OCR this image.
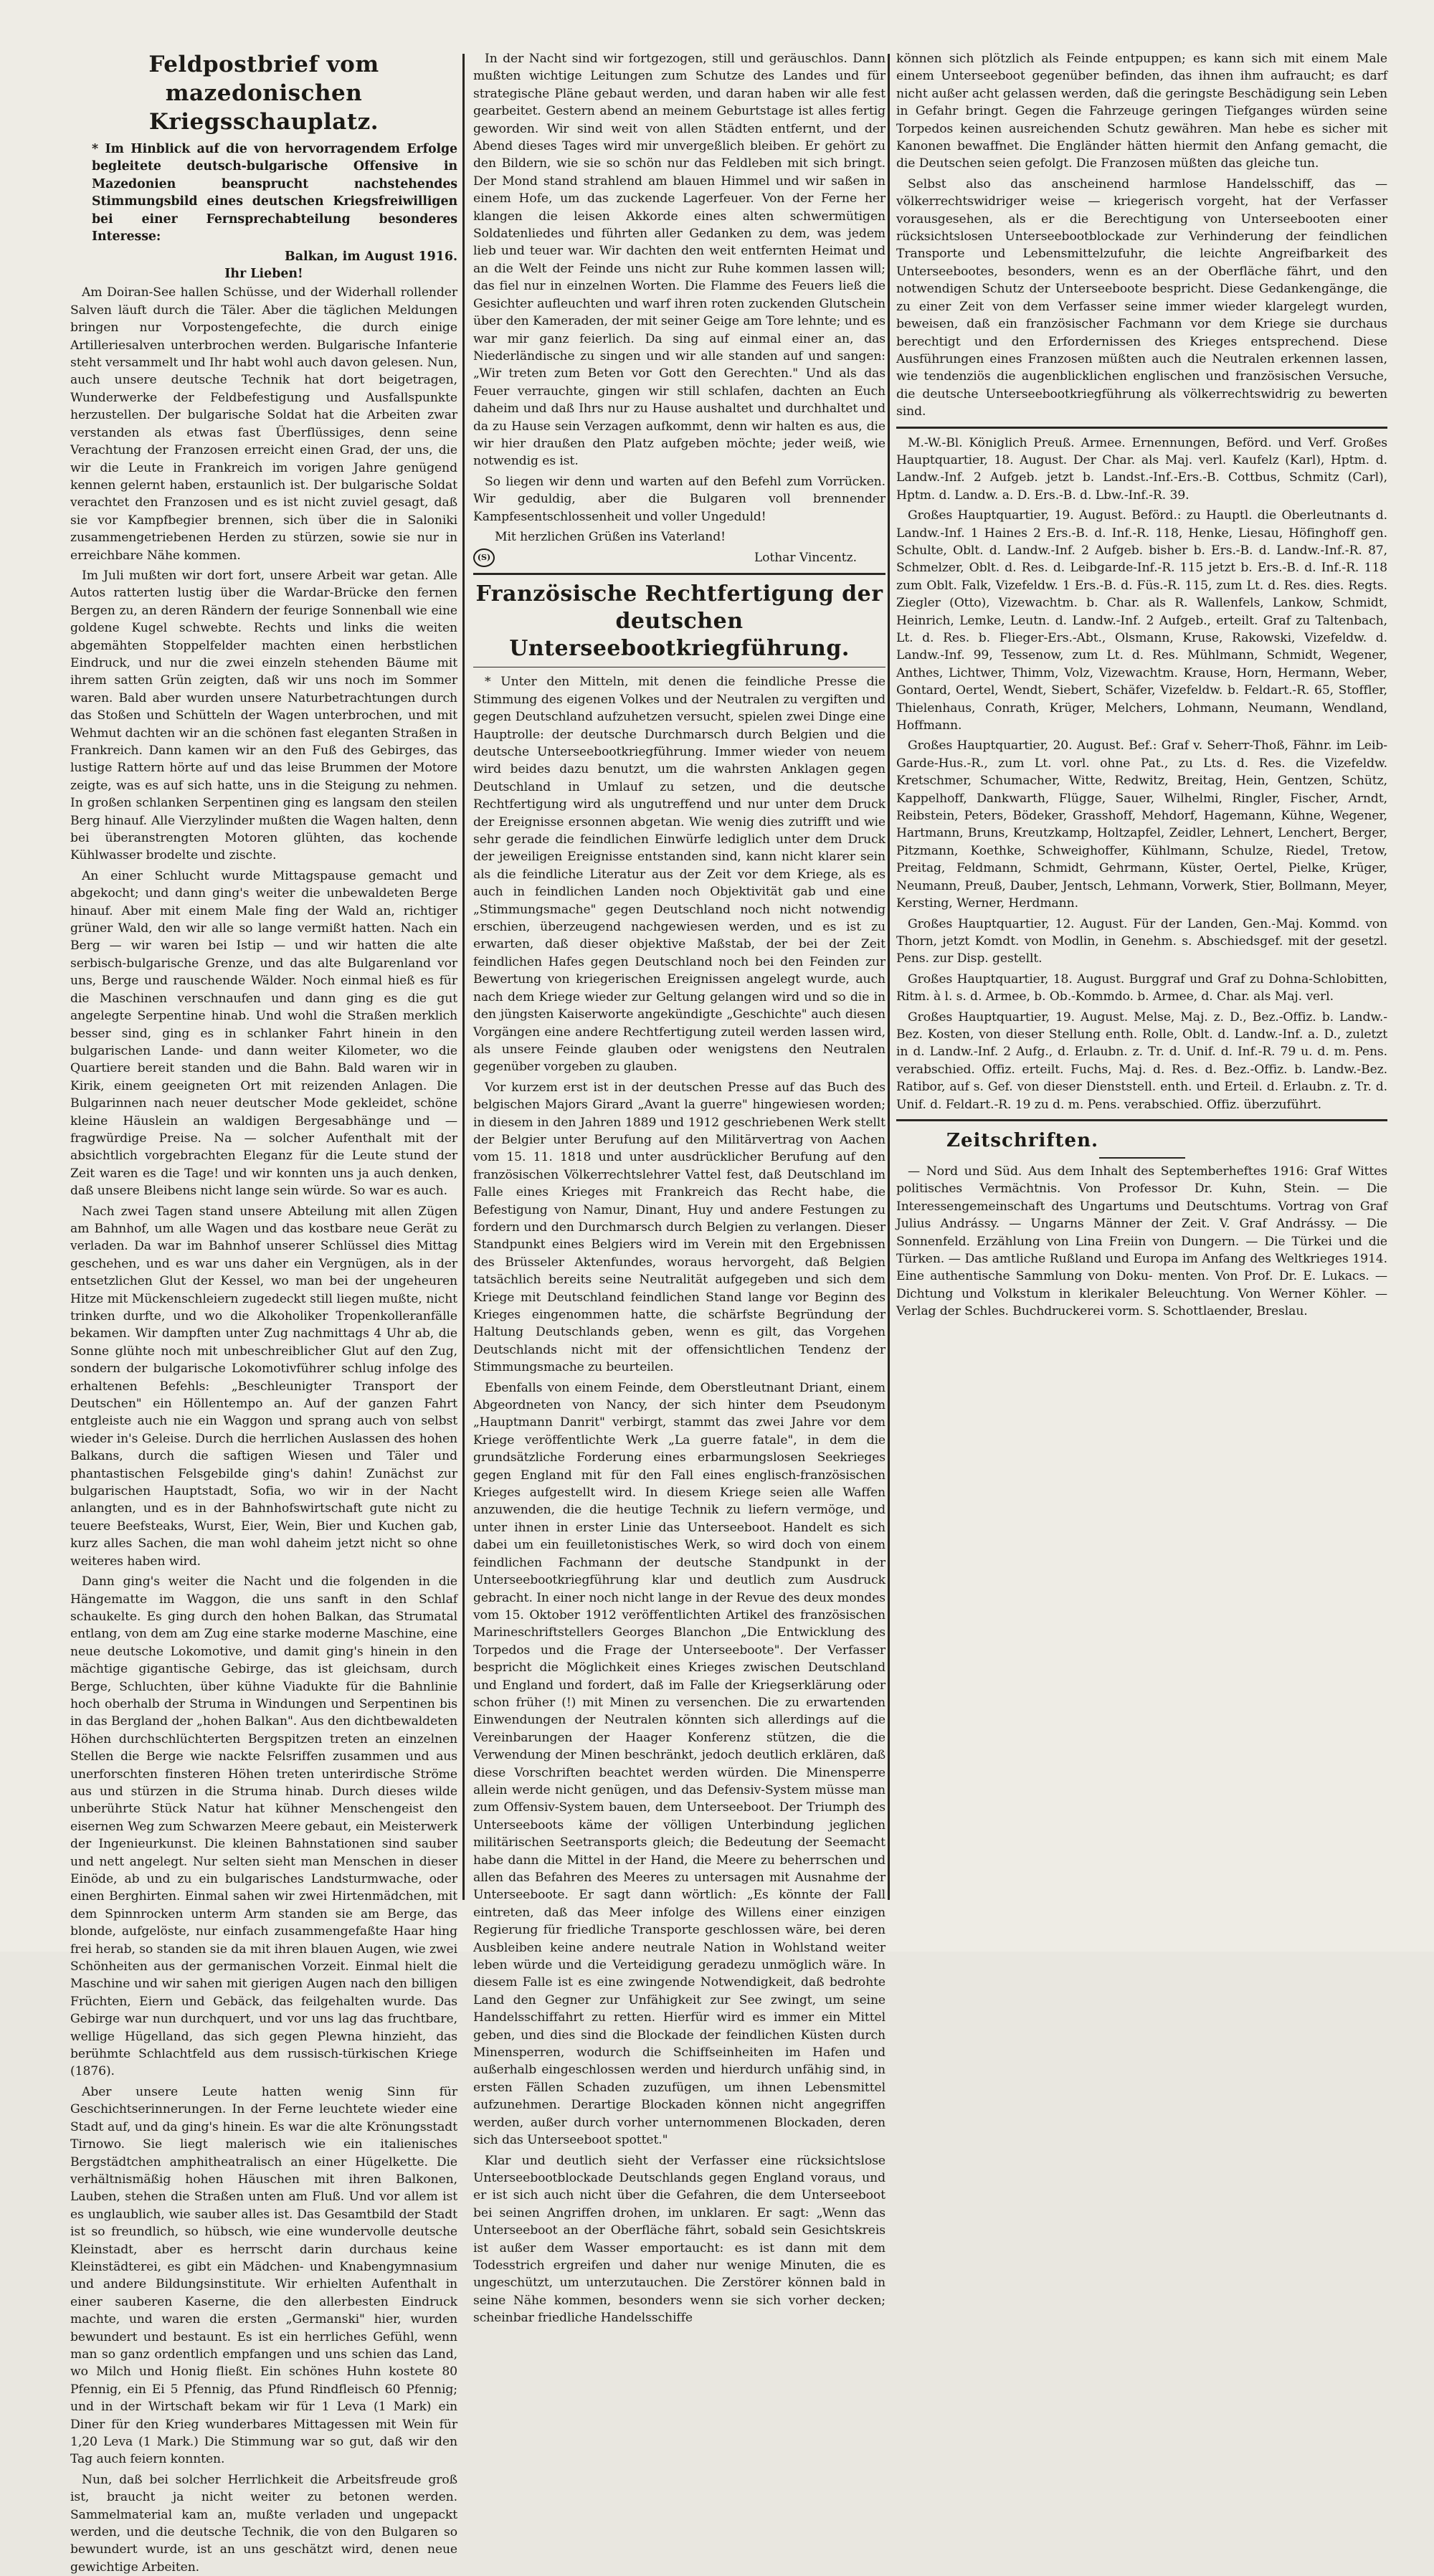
Feldpostbrief vom mazedonischen Kriegsschauplatz.

* Im Hinblick auf die von hervorragendem Erfolge begleitete deutsch-bulgarische Offensive in Mazedonien beansprucht nachstehendes Stimmungsbild eines deutschen Kriegsfreiwilligen bei einer Fernsprechabteilung besonderes Interesse:

Balkan, im August 1916.
Ihr Lieben!

Am Doiran-See hallen Schüsse, und der Widerhall rollender Salven läuft durch die Täler. Aber die täglichen Meldungen bringen nur Vorpostengefechte, die durch einige Artilleriesalven unterbrochen werden. Bulgarische Infanterie steht versammelt und Ihr habt wohl auch davon gelesen. Nun, auch unsere deutsche Technik hat dort beigetragen, Wunderwerke der Feldbefestigung und Ausfallspunkte herzustellen. Der bulgarische Soldat hat die Arbeiten zwar verstanden als etwas fast Überflüssiges, denn seine Verachtung der Franzosen erreicht einen Grad, der uns, die wir die Leute in Frankreich im vorigen Jahre genügend kennen gelernt haben, erstaunlich ist. Der bulgarische Soldat verachtet den Franzosen und es ist nicht zuviel gesagt, daß sie vor Kampfbegier brennen, sich über die in Saloniki zusammengetriebenen Herden zu stürzen, sowie sie nur in erreichbare Nähe kommen.

Im Juli mußten wir dort fort, unsere Arbeit war getan. Alle Autos ratterten lustig über die Wardar-Brücke den fernen Bergen zu, an deren Rändern der feurige Sonnenball wie eine goldene Kugel schwebte. Rechts und links die weiten abgemähten Stoppelfelder machten einen herbstlichen Eindruck, und nur die zwei einzeln stehenden Bäume mit ihrem satten Grün zeigten, daß wir uns noch im Sommer waren. Bald aber wurden unsere Naturbetrachtungen durch das Stoßen und Schütteln der Wagen unterbrochen, und mit Wehmut dachten wir an die schönen fast eleganten Straßen in Frankreich. Dann kamen wir an den Fuß des Gebirges, das lustige Rattern hörte auf und das leise Brummen der Motore zeigte, was es auf sich hatte, uns in die Steigung zu nehmen. In großen schlanken Serpentinen ging es langsam den steilen Berg hinauf. Alle Vierzylinder mußten die Wagen halten, denn bei überanstrengten Motoren glühten, das kochende Kühlwasser brodelte und zischte.

An einer Schlucht wurde Mittagspause gemacht und abgekocht; und dann ging's weiter die unbewaldeten Berge hinauf. Aber mit einem Male fing der Wald an, richtiger grüner Wald, den wir alle so lange vermißt hatten. Nach ein Berg — wir waren bei Istip — und wir hatten die alte serbisch-bulgarische Grenze, und das alte Bulgarenland vor uns, Berge und rauschende Wälder. Noch einmal hieß es für die Maschinen verschnaufen und dann ging es die gut angelegte Serpentine hinab. Und wohl die Straßen merklich besser sind, ging es in schlanker Fahrt hinein in den bulgarischen Lande- und dann weiter Kilometer, wo die Quartiere bereit standen und die Bahn. Bald waren wir in Kirik, einem geeigneten Ort mit reizenden Anlagen. Die Bulgarinnen nach neuer deutscher Mode gekleidet, schöne kleine Häuslein an waldigen Bergesabhänge und — fragwürdige Preise. Na — solcher Aufenthalt mit der absichtlich vorgebrachten Eleganz für die Leute stund der Zeit waren es die Tage! und wir konnten uns ja auch denken, daß unsere Bleibens nicht lange sein würde. So war es auch.

Nach zwei Tagen stand unsere Abteilung mit allen Zügen am Bahnhof, um alle Wagen und das kostbare neue Gerät zu verladen. Da war im Bahnhof unserer Schlüssel dies Mittag geschehen, und es war uns daher ein Vergnügen, als in der entsetzlichen Glut der Kessel, wo man bei der ungeheuren Hitze mit Mückenschleiern zugedeckt still liegen mußte, nicht trinken durfte, und wo die Alkoholiker Tropenkolleranfälle bekamen. Wir dampften unter Zug nachmittags 4 Uhr ab, die Sonne glühte noch mit unbeschreiblicher Glut auf den Zug, sondern der bulgarische Lokomotivführer schlug infolge des erhaltenen Befehls: „Beschleunigter Transport der Deutschen" ein Höllentempo an. Auf der ganzen Fahrt entgleiste auch nie ein Waggon und sprang auch von selbst wieder in's Geleise. Durch die herrlichen Auslassen des hohen Balkans, durch die saftigen Wiesen und Täler und phantastischen Felsgebilde ging's dahin! Zunächst zur bulgarischen Hauptstadt, Sofia, wo wir in der Nacht anlangten, und es in der Bahnhofswirtschaft gute nicht zu teuere Beefsteaks, Wurst, Eier, Wein, Bier und Kuchen gab, kurz alles Sachen, die man wohl daheim jetzt nicht so ohne weiteres haben wird.

Dann ging's weiter die Nacht und die folgenden in die Hängematte im Waggon, die uns sanft in den Schlaf schaukelte. Es ging durch den hohen Balkan, das Strumatal entlang, von dem am Zug eine starke moderne Maschine, eine neue deutsche Lokomotive, und damit ging's hinein in den mächtige gigantische Gebirge, das ist gleichsam, durch Berge, Schluchten, über kühne Viadukte für die Bahnlinie hoch oberhalb der Struma in Windungen und Serpentinen bis in das Bergland der „hohen Balkan". Aus den dichtbewaldeten Höhen durchschlüchterten Bergspitzen treten an einzelnen Stellen die Berge wie nackte Felsriffen zusammen und aus unerforschten finsteren Höhen treten unterirdische Ströme aus und stürzen in die Struma hinab. Durch dieses wilde unberührte Stück Natur hat kühner Menschengeist den eisernen Weg zum Schwarzen Meere gebaut, ein Meisterwerk der Ingenieurkunst. Die kleinen Bahnstationen sind sauber und nett angelegt. Nur selten sieht man Menschen in dieser Einöde, ab und zu ein bulgarisches Landsturmwache, oder einen Berghirten. Einmal sahen wir zwei Hirtenmädchen, mit dem Spinnrocken unterm Arm standen sie am Berge, das blonde, aufgelöste, nur einfach zusammengefaßte Haar hing frei herab, so standen sie da mit ihren blauen Augen, wie zwei Schönheiten aus der germanischen Vorzeit. Einmal hielt die Maschine und wir sahen mit gierigen Augen nach den billigen Früchten, Eiern und Gebäck, das feilgehalten wurde. Das Gebirge war nun durchquert, und vor uns lag das fruchtbare, wellige Hügelland, das sich gegen Plewna hinzieht, das berühmte Schlachtfeld aus dem russisch-türkischen Kriege (1876).

Aber unsere Leute hatten wenig Sinn für Geschichtserinnerungen. In der Ferne leuchtete wieder eine Stadt auf, und da ging's hinein. Es war die alte Krönungsstadt Tirnowo. Sie liegt malerisch wie ein italienisches Bergstädtchen amphitheatralisch an einer Hügelkette. Die verhältnismäßig hohen Häuschen mit ihren Balkonen, Lauben, stehen die Straßen unten am Fluß. Und vor allem ist es unglaublich, wie sauber alles ist. Das Gesamtbild der Stadt ist so freundlich, so hübsch, wie eine wundervolle deutsche Kleinstadt, aber es herrscht darin durchaus keine Kleinstädterei, es gibt ein Mädchen- und Knabengymnasium und andere Bildungsinstitute. Wir erhielten Aufenthalt in einer sauberen Kaserne, die den allerbesten Eindruck machte, und waren die ersten „Germanski" hier, wurden bewundert und bestaunt. Es ist ein herrliches Gefühl, wenn man so ganz ordentlich empfangen und uns schien das Land, wo Milch und Honig fließt. Ein schönes Huhn kostete 80 Pfennig, ein Ei 5 Pfennig, das Pfund Rindfleisch 60 Pfennig; und in der Wirtschaft bekam wir für 1 Leva (1 Mark) ein Diner für den Krieg wunderbares Mittagessen mit Wein für 1,20 Leva (1 Mark.) Die Stimmung war so gut, daß wir den Tag auch feiern konnten.

Nun, daß bei solcher Herrlichkeit die Arbeitsfreude groß ist, braucht ja nicht weiter zu betonen werden. Sammelmaterial kam an, mußte verladen und ungepackt werden, und die deutsche Technik, die von den Bulgaren so bewundert wurde, ist an uns geschätzt wird, denen neue gewichtige Arbeiten.

In der Nacht sind wir fortgezogen, still und geräuschlos. Dann mußten wichtige Leitungen zum Schutze des Landes und für strategische Pläne gebaut werden, und daran haben wir alle fest gearbeitet. Gestern abend an meinem Geburtstage ist alles fertig geworden. Wir sind weit von allen Städten entfernt, und der Abend dieses Tages wird mir unvergeßlich bleiben. Er gehört zu den Bildern, wie sie so schön nur das Feldleben mit sich bringt. Der Mond stand strahlend am blauen Himmel und wir saßen in einem Hofe, um das zuckende Lagerfeuer. Von der Ferne her klangen die leisen Akkorde eines alten schwermütigen Soldatenliedes und führten aller Gedanken zu dem, was jedem lieb und teuer war. Wir dachten den weit entfernten Heimat und an die Welt der Feinde uns nicht zur Ruhe kommen lassen will; das fiel nur in einzelnen Worten. Die Flamme des Feuers ließ die Gesichter aufleuchten und warf ihren roten zuckenden Glutschein über den Kameraden, der mit seiner Geige am Tore lehnte; und es war mir ganz feierlich. Da sing auf einmal einer an, das Niederländische zu singen und wir alle standen auf und sangen: „Wir treten zum Beten vor Gott den Gerechten." Und als das Feuer verrauchte, gingen wir still schlafen, dachten an Euch daheim und daß Ihrs nur zu Hause aushaltet und durchhaltet und da zu Hause sein Verzagen aufkommt, denn wir halten es aus, die wir hier draußen den Platz aufgeben möchte; jeder weiß, wie notwendig es ist.

So liegen wir denn und warten auf den Befehl zum Vorrücken. Wir geduldig, aber die Bulgaren voll brennender Kampfesentschlossenheit und voller Ungeduld!

Mit herzlichen Grüßen ins Vaterland!

(S)	Lothar Vincentz.
Französische Rechtfertigung der deutschen Unterseebootkriegführung.

* Unter den Mitteln, mit denen die feindliche Presse die Stimmung des eigenen Volkes und der Neutralen zu vergiften und gegen Deutschland aufzuhetzen versucht, spielen zwei Dinge eine Hauptrolle: der deutsche Durchmarsch durch Belgien und die deutsche Unterseebootkriegführung. Immer wieder von neuem wird beides dazu benutzt, um die wahrsten Anklagen gegen Deutschland in Umlauf zu setzen, und die deutsche Rechtfertigung wird als ungutreffend und nur unter dem Druck der Ereignisse ersonnen abgetan. Wie wenig dies zutrifft und wie sehr gerade die feindlichen Einwürfe lediglich unter dem Druck der jeweiligen Ereignisse entstanden sind, kann nicht klarer sein als die feindliche Literatur aus der Zeit vor dem Kriege, als es auch in feindlichen Landen noch Objektivität gab und eine „Stimmungsmache" gegen Deutschland noch nicht notwendig erschien, überzeugend nachgewiesen werden, und es ist zu erwarten, daß dieser objektive Maßstab, der bei der Zeit feindlichen Hafes gegen Deutschland noch bei den Feinden zur Bewertung von kriegerischen Ereignissen angelegt wurde, auch nach dem Kriege wieder zur Geltung gelangen wird und so die in den jüngsten Kaiserworte angekündigte „Geschichte" auch diesen Vorgängen eine andere Rechtfertigung zuteil werden lassen wird, als unsere Feinde glauben oder wenigstens den Neutralen gegenüber vorgeben zu glauben.

Vor kurzem erst ist in der deutschen Presse auf das Buch des belgischen Majors Girard „Avant la guerre" hingewiesen worden; in diesem in den Jahren 1889 und 1912 geschriebenen Werk stellt der Belgier unter Berufung auf den Militärvertrag von Aachen vom 15. 11. 1818 und unter ausdrücklicher Berufung auf den französischen Völkerrechtslehrer Vattel fest, daß Deutschland im Falle eines Krieges mit Frankreich das Recht habe, die Befestigung von Namur, Dinant, Huy und andere Festungen zu fordern und den Durchmarsch durch Belgien zu verlangen. Dieser Standpunkt eines Belgiers wird im Verein mit den Ergebnissen des Brüsseler Aktenfundes, woraus hervorgeht, daß Belgien tatsächlich bereits seine Neutralität aufgegeben und sich dem Kriege mit Deutschland feindlichen Stand lange vor Beginn des Krieges eingenommen hatte, die schärfste Begründung der Haltung Deutschlands geben, wenn es gilt, das Vorgehen Deutschlands nicht mit der offensichtlichen Tendenz der Stimmungsmache zu beurteilen.

Ebenfalls von einem Feinde, dem Oberstleutnant Driant, einem Abgeordneten von Nancy, der sich hinter dem Pseudonym „Hauptmann Danrit" verbirgt, stammt das zwei Jahre vor dem Kriege veröffentlichte Werk „La guerre fatale", in dem die grundsätzliche Forderung eines erbarmungslosen Seekrieges gegen England mit für den Fall eines englisch-französischen Krieges aufgestellt wird. In diesem Kriege seien alle Waffen anzuwenden, die die heutige Technik zu liefern vermöge, und unter ihnen in erster Linie das Unterseeboot. Handelt es sich dabei um ein feuilletonistisches Werk, so wird doch von einem feindlichen Fachmann der deutsche Standpunkt in der Unterseebootkriegführung klar und deutlich zum Ausdruck gebracht. In einer noch nicht lange in der Revue des deux mondes vom 15. Oktober 1912 veröffentlichten Artikel des französischen Marineschriftstellers Georges Blanchon „Die Entwicklung des Torpedos und die Frage der Unterseeboote". Der Verfasser bespricht die Möglichkeit eines Krieges zwischen Deutschland und England und fordert, daß im Falle der Kriegserklärung oder schon früher (!) mit Minen zu versenchen. Die zu erwartenden Einwendungen der Neutralen könnten sich allerdings auf die Vereinbarungen der Haager Konferenz stützen, die die Verwendung der Minen beschränkt, jedoch deutlich erklären, daß diese Vorschriften beachtet werden würden. Die Minensperre allein werde nicht genügen, und das Defensiv-System müsse man zum Offensiv-System bauen, dem Unterseeboot. Der Triumph des Unterseeboots käme der völligen Unterbindung jeglichen militärischen Seetransports gleich; die Bedeutung der Seemacht habe dann die Mittel in der Hand, die Meere zu beherrschen und allen das Befahren des Meeres zu untersagen mit Ausnahme der Unterseeboote. Er sagt dann wörtlich: „Es könnte der Fall eintreten, daß das Meer infolge des Willens einer einzigen Regierung für friedliche Transporte geschlossen wäre, bei deren Ausbleiben keine andere neutrale Nation in Wohlstand weiter leben würde und die Verteidigung geradezu unmöglich wäre. In diesem Falle ist es eine zwingende Notwendigkeit, daß bedrohte Land den Gegner zur Unfähigkeit zur See zwingt, um seine Handelsschiffahrt zu retten. Hierfür wird es immer ein Mittel geben, und dies sind die Blockade der feindlichen Küsten durch Minensperren, wodurch die Schiffseinheiten im Hafen und außerhalb eingeschlossen werden und hierdurch unfähig sind, in ersten Fällen Schaden zuzufügen, um ihnen Lebensmittel aufzunehmen. Derartige Blockaden können nicht angegriffen werden, außer durch vorher unternommenen Blockaden, deren sich das Unterseeboot spottet."

Klar und deutlich sieht der Verfasser eine rücksichtslose Unterseebootblockade Deutschlands gegen England voraus, und er ist sich auch nicht über die Gefahren, die dem Unterseeboot bei seinen Angriffen drohen, im unklaren. Er sagt: „Wenn das Unterseeboot an der Oberfläche fährt, sobald sein Gesichtskreis ist außer dem Wasser emportaucht: es ist dann mit dem Todesstrich ergreifen und daher nur wenige Minuten, die es ungeschützt, um unterzutauchen. Die Zerstörer können bald in seine Nähe kommen, besonders wenn sie sich vorher decken; scheinbar friedliche Handelsschiffe

können sich plötzlich als Feinde entpuppen; es kann sich mit einem Male einem Unterseeboot gegenüber befinden, das ihnen ihm aufraucht; es darf nicht außer acht gelassen werden, daß die geringste Beschädigung sein Leben in Gefahr bringt. Gegen die Fahrzeuge geringen Tiefganges würden seine Torpedos keinen ausreichenden Schutz gewähren. Man hebe es sicher mit Kanonen bewaffnet. Die Engländer hätten hiermit den Anfang gemacht, die die Deutschen seien gefolgt. Die Franzosen müßten das gleiche tun.

Selbst also das anscheinend harmlose Handelsschiff, das — völkerrechtswidriger weise — kriegerisch vorgeht, hat der Verfasser vorausgesehen, als er die Berechtigung von Unterseebooten einer rücksichtslosen Unterseebootblockade zur Verhinderung der feindlichen Transporte und Lebensmittelzufuhr, die leichte Angreifbarkeit des Unterseebootes, besonders, wenn es an der Oberfläche fährt, und den notwendigen Schutz der Unterseeboote bespricht. Diese Gedankengänge, die zu einer Zeit von dem Verfasser seine immer wieder klargelegt wurden, beweisen, daß ein französischer Fachmann vor dem Kriege sie durchaus berechtigt und den Erfordernissen des Krieges entsprechend. Diese Ausführungen eines Franzosen müßten auch die Neutralen erkennen lassen, wie tendenziös die augenblicklichen englischen und französischen Versuche, die deutsche Unterseebootkriegführung als völkerrechtswidrig zu bewerten sind.

M.-W.-Bl. Königlich Preuß. Armee. Ernennungen, Beförd. und Verf. Großes Hauptquartier, 18. August. Der Char. als Maj. verl. Kaufelz (Karl), Hptm. d. Landw.-Inf. 2 Aufgeb. jetzt b. Landst.-Inf.-Ers.-B. Cottbus, Schmitz (Carl), Hptm. d. Landw. a. D. Ers.-B. d. Lbw.-Inf.-R. 39.

Großes Hauptquartier, 19. August. Beförd.: zu Hauptl. die Oberleutnants d. Landw.-Inf. 1 Haines 2 Ers.-B. d. Inf.-R. 118, Henke, Liesau, Höfinghoff gen. Schulte, Oblt. d. Landw.-Inf. 2 Aufgeb. bisher b. Ers.-B. d. Landw.-Inf.-R. 87, Schmelzer, Oblt. d. Res. d. Leibgarde-Inf.-R. 115 jetzt b. Ers.-B. d. Inf.-R. 118 zum Oblt. Falk, Vizefeldw. 1 Ers.-B. d. Füs.-R. 115, zum Lt. d. Res. dies. Regts. Ziegler (Otto), Vizewachtm. b. Char. als R. Wallenfels, Lankow, Schmidt, Heinrich, Lemke, Leutn. d. Landw.-Inf. 2 Aufgeb., erteilt. Graf zu Taltenbach, Lt. d. Res. b. Flieger-Ers.-Abt., Olsmann, Kruse, Rakowski, Vizefeldw. d. Landw.-Inf. 99, Tessenow, zum Lt. d. Res. Mühlmann, Schmidt, Wegener, Anthes, Lichtwer, Thimm, Volz, Vizewachtm. Krause, Horn, Hermann, Weber, Gontard, Oertel, Wendt, Siebert, Schäfer, Vizefeldw. b. Feldart.-R. 65, Stoffler, Thielenhaus, Conrath, Krüger, Melchers, Lohmann, Neumann, Wendland, Hoffmann.

Großes Hauptquartier, 20. August. Bef.: Graf v. Seherr-Thoß, Fähnr. im Leib-Garde-Hus.-R., zum Lt. vorl. ohne Pat., zu Lts. d. Res. die Vizefeldw. Kretschmer, Schumacher, Witte, Redwitz, Breitag, Hein, Gentzen, Schütz, Kappelhoff, Dankwarth, Flügge, Sauer, Wilhelmi, Ringler, Fischer, Arndt, Reibstein, Peters, Bödeker, Grasshoff, Mehdorf, Hagemann, Kühne, Wegener, Hartmann, Bruns, Kreutzkamp, Holtzapfel, Zeidler, Lehnert, Lenchert, Berger, Pitzmann, Koethke, Schweighoffer, Kühlmann, Schulze, Riedel, Tretow, Preitag, Feldmann, Schmidt, Gehrmann, Küster, Oertel, Pielke, Krüger, Neumann, Preuß, Dauber, Jentsch, Lehmann, Vorwerk, Stier, Bollmann, Meyer, Kersting, Werner, Herdmann.

Großes Hauptquartier, 12. August. Für der Landen, Gen.-Maj. Kommd. von Thorn, jetzt Komdt. von Modlin, in Genehm. s. Abschiedsgef. mit der gesetzl. Pens. zur Disp. gestellt.

Großes Hauptquartier, 18. August. Burggraf und Graf zu Dohna-Schlobitten, Ritm. à l. s. d. Armee, b. Ob.-Kommdo. b. Armee, d. Char. als Maj. verl.

Großes Hauptquartier, 19. August. Melse, Maj. z. D., Bez.-Offiz. b. Landw.-Bez. Kosten, von dieser Stellung enth. Rolle, Oblt. d. Landw.-Inf. a. D., zuletzt in d. Landw.-Inf. 2 Aufg., d. Erlaubn. z. Tr. d. Unif. d. Inf.-R. 79 u. d. m. Pens. verabschied. Offiz. erteilt. Fuchs, Maj. d. Res. d. Bez.-Offiz. b. Landw.-Bez. Ratibor, auf s. Gef. von dieser Dienststell. enth. und Erteil. d. Erlaubn. z. Tr. d. Unif. d. Feldart.-R. 19 zu d. m. Pens. verabschied. Offiz. überzuführt.

Zeitschriften.

— Nord und Süd. Aus dem Inhalt des Septemberheftes 1916: Graf Wittes politisches Vermächtnis. Von Professor Dr. Kuhn, Stein. — Die Interessengemeinschaft des Ungartums und Deutschtums. Vortrag von Graf Julius Andrássy. — Ungarns Männer der Zeit. V. Graf Andrássy. — Die Sonnenfeld. Erzählung von Lina Freiin von Dungern. — Die Türkei und die Türken. — Das amtliche Rußland und Europa im Anfang des Weltkrieges 1914. Eine authentische Sammlung von Doku- menten. Von Prof. Dr. E. Lukacs. — Dichtung und Volkstum in klerikaler Beleuchtung. Von Werner Köhler. — Verlag der Schles. Buchdruckerei vorm. S. Schottlaender, Breslau.
